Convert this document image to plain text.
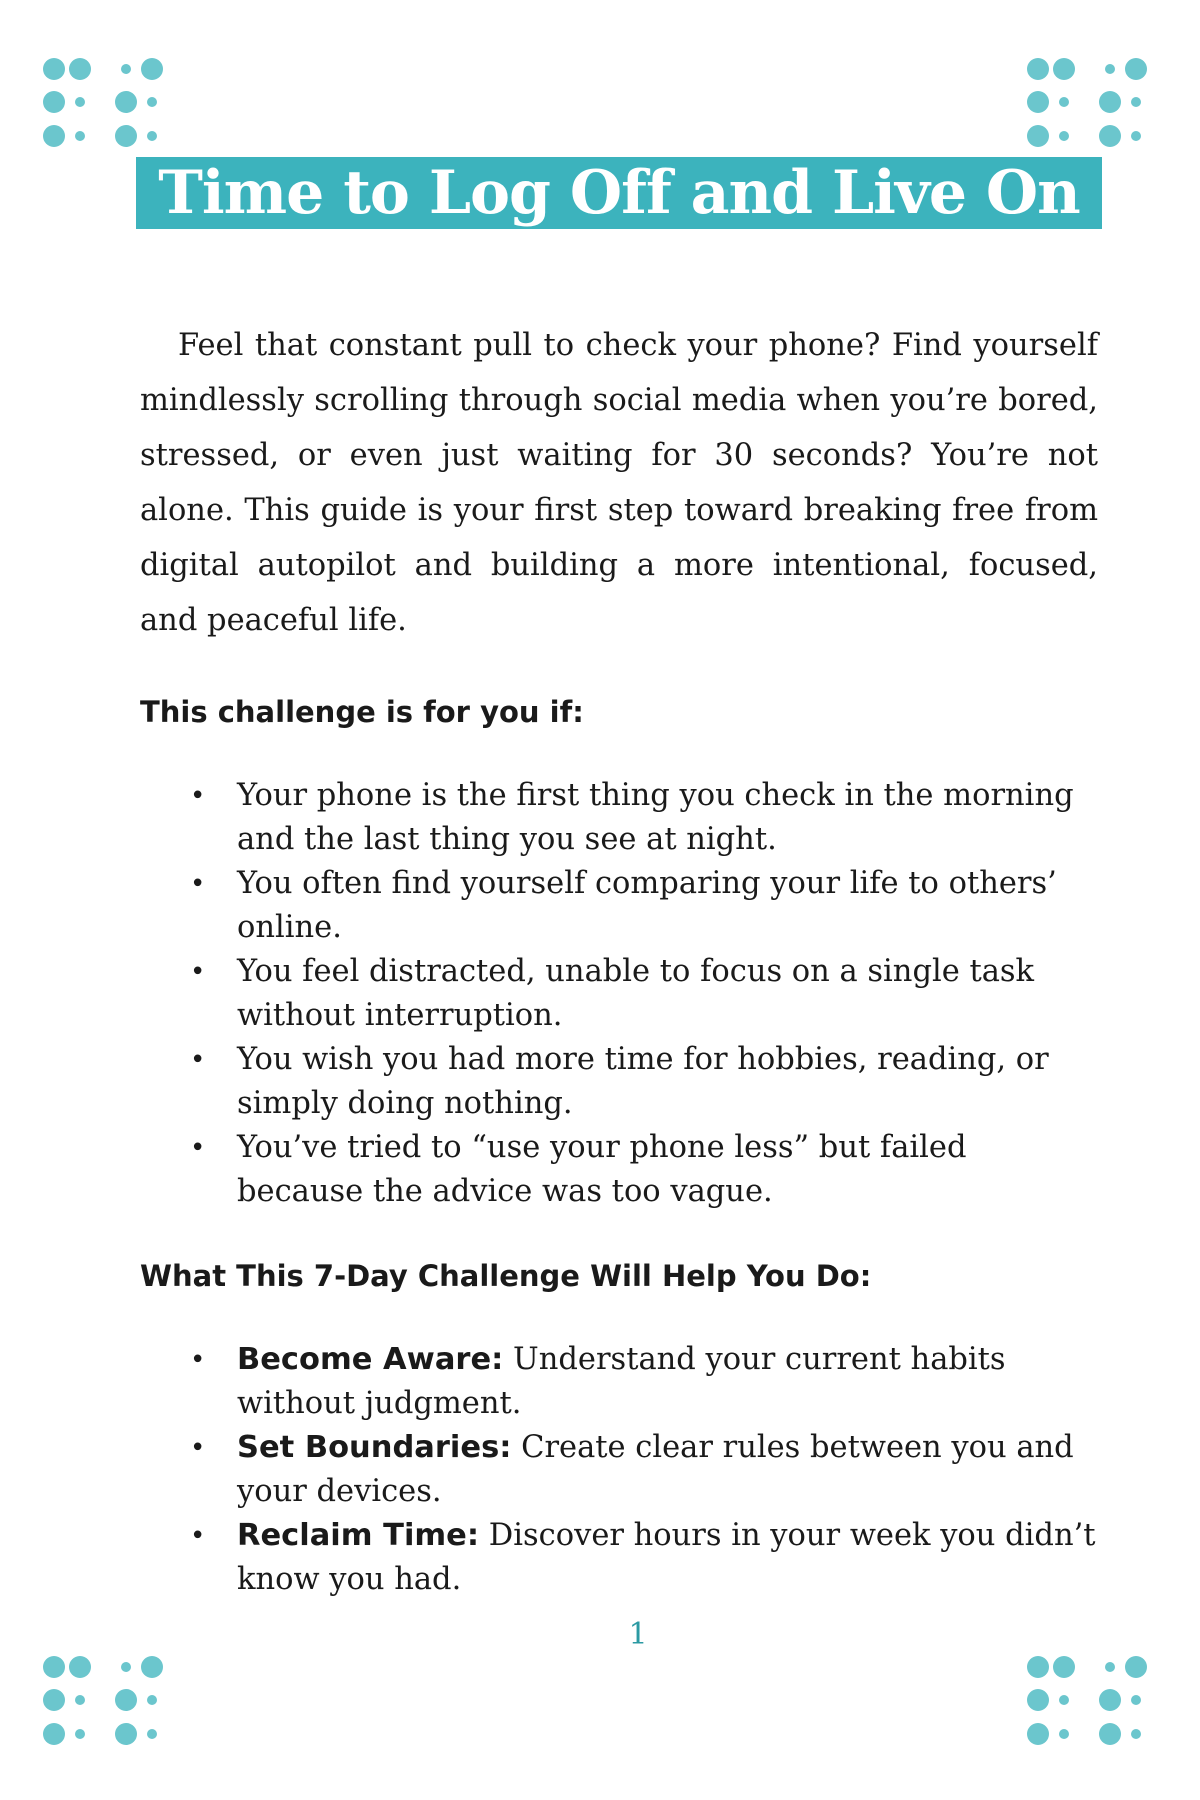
Time to Log Off and Live On

Feel that constant pull to check your phone? Find yourself mindlessly scrolling through social media when you’re bored, stressed, or even just waiting for 30 seconds? You’re not alone. This guide is your first step toward breaking free from digital autopilot and building a more intentional, focused, and peaceful life.

This challenge is for you if:
• Your phone is the first thing you check in the morning and the last thing you see at night.
• You often find yourself comparing your life to others’ online.
• You feel distracted, unable to focus on a single task without interruption.
• You wish you had more time for hobbies, reading, or simply doing nothing.
• You’ve tried to “use your phone less” but failed because the advice was too vague.
What This 7-Day Challenge Will Help You Do:
• Become Aware: Understand your current habits without judgment.
• Set Boundaries: Create clear rules between you and your devices.
• Reclaim Time: Discover hours in your week you didn’t know you had.
1
